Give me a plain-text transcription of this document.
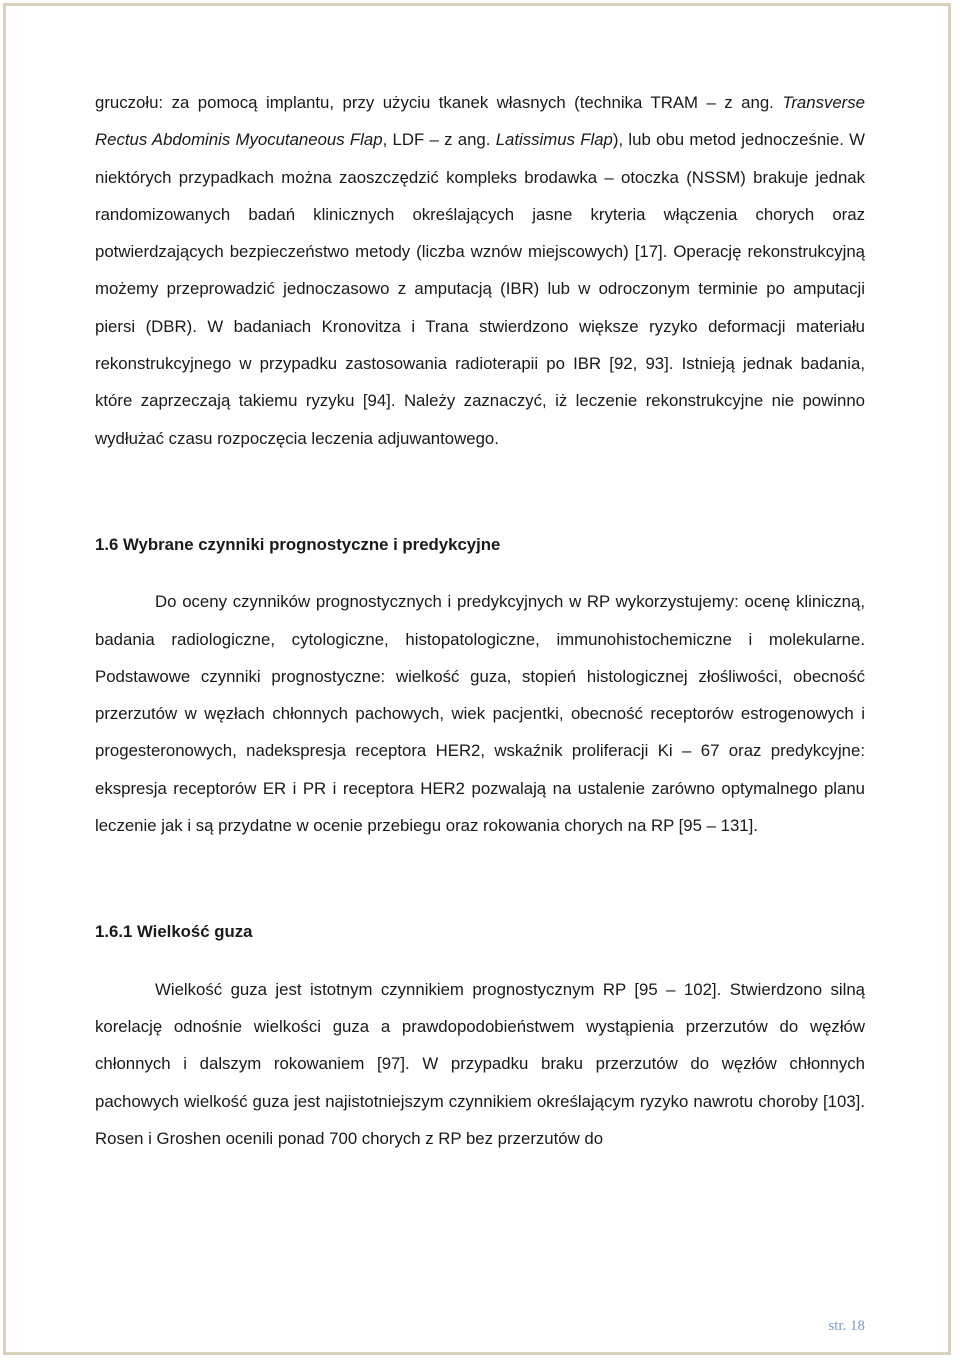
gruczołu: za pomocą implantu, przy użyciu tkanek własnych (technika TRAM – z ang. Transverse Rectus Abdominis Myocutaneous Flap, LDF – z ang. Latissimus Flap), lub obu metod jednocześnie. W niektórych przypadkach można zaoszczędzić kompleks brodawka – otoczka (NSSM) brakuje jednak randomizowanych badań klinicznych określających jasne kryteria włączenia chorych oraz potwierdzających bezpieczeństwo metody (liczba wznów miejscowych) [17]. Operację rekonstrukcyjną możemy przeprowadzić jednoczasowo z amputacją (IBR) lub w odroczonym terminie po amputacji piersi (DBR). W badaniach Kronovitza i Trana stwierdzono większe ryzyko deformacji materiału rekonstrukcyjnego w przypadku zastosowania radioterapii po IBR [92, 93]. Istnieją jednak badania, które zaprzeczają takiemu ryzyku [94]. Należy zaznaczyć, iż leczenie rekonstrukcyjne nie powinno wydłużać czasu rozpoczęcia leczenia adjuwantowego.

1.6 Wybrane czynniki prognostyczne i predykcyjne

Do oceny czynników prognostycznych i predykcyjnych w RP wykorzystujemy: ocenę kliniczną, badania radiologiczne, cytologiczne, histopatologiczne, immunohistochemiczne i molekularne. Podstawowe czynniki prognostyczne: wielkość guza, stopień histologicznej złośliwości, obecność przerzutów w węzłach chłonnych pachowych, wiek pacjentki, obecność receptorów estrogenowych i progesteronowych, nadekspresja receptora HER2, wskaźnik proliferacji Ki – 67 oraz predykcyjne: ekspresja receptorów ER i PR i receptora HER2 pozwalają na ustalenie zarówno optymalnego planu leczenie jak i są przydatne w ocenie przebiegu oraz rokowania chorych na RP [95 – 131].

1.6.1 Wielkość guza

Wielkość guza jest istotnym czynnikiem prognostycznym RP [95 – 102]. Stwierdzono silną korelację odnośnie wielkości guza a prawdopodobieństwem wystąpienia przerzutów do węzłów chłonnych i dalszym rokowaniem [97]. W przypadku braku przerzutów do węzłów chłonnych pachowych wielkość guza jest najistotniejszym czynnikiem określającym ryzyko nawrotu choroby [103]. Rosen i Groshen ocenili ponad 700 chorych z RP bez przerzutów do

str. 18
